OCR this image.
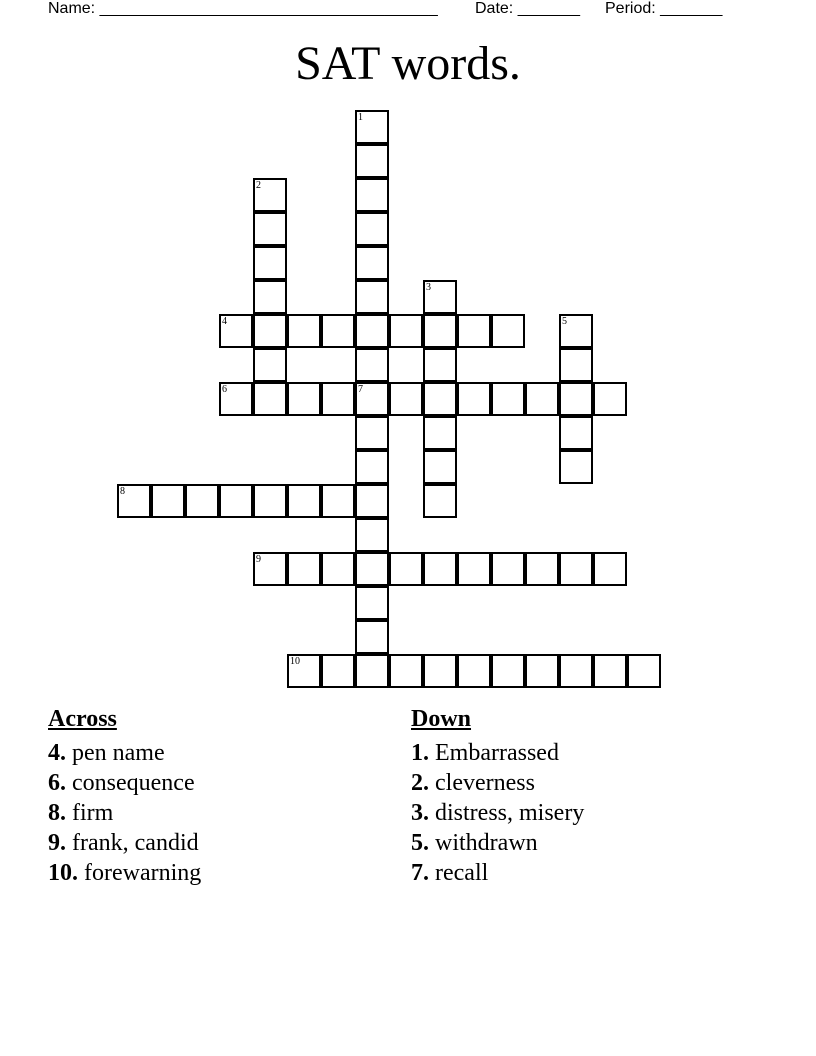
Name: ______________________________________ Date: _______ Period: _______
SAT words.
1
7
2
3
4	5
6
8
9
10
Across
4. pen name
6. consequence
8. firm
9. frank, candid
10. forewarning
Down
1. Embarrassed
2. cleverness
3. distress, misery
5. withdrawn
7. recall
